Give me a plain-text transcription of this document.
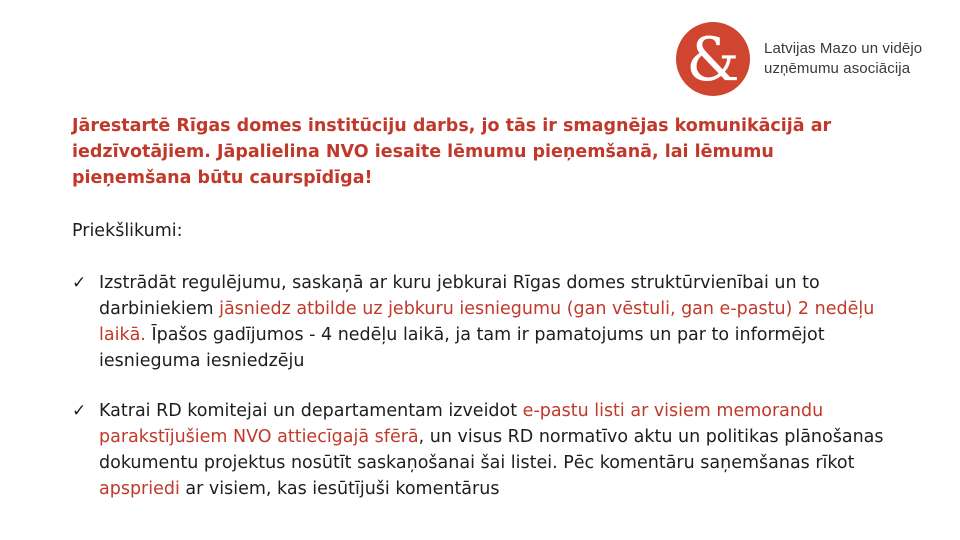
& Latvijas Mazo un vidējo
uzņēmumu asociācija
Jārestartē Rīgas domes institūciju darbs, jo tās ir smagnējas komunikācijā ar iedzīvotājiem. Jāpalielina NVO iesaite lēmumu pieņemšanā, lai lēmumu pieņemšana būtu caurspīdīga!
Priekšlikumi:
✓ Izstrādāt regulējumu, saskaņā ar kuru jebkurai Rīgas domes struktūrvienībai un to darbiniekiem jāsniedz atbilde uz jebkuru iesniegumu (gan vēstuli, gan e-pastu) 2 nedēļu laikā. Īpašos gadījumos - 4 nedēļu laikā, ja tam ir pamatojums un par to informējot iesnieguma iesniedzēju
✓ Katrai RD komitejai un departamentam izveidot e-pastu listi ar visiem memorandu parakstījušiem NVO attiecīgajā sfērā, un visus RD normatīvo aktu un politikas plānošanas dokumentu projektus nosūtīt saskaņošanai šai listei. Pēc komentāru saņemšanas rīkot apspriedi ar visiem, kas iesūtījuši komentārus
